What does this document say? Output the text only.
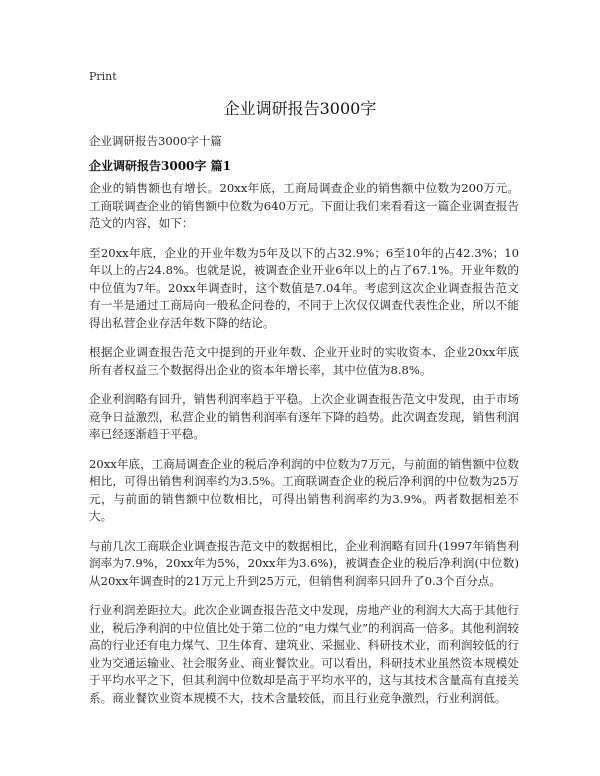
Print
企业调研报告3000字
企业调研报告3000字十篇
企业调研报告3000字 篇1

企业的销售额也有增长。20xx年底，工商局调查企业的销售额中位数为200万元。工商联调查企业的销售额中位数为640万元。下面让我们来看看这一篇企业调查报告范文的内容，如下：

至20xx年底，企业的开业年数为5年及以下的占32.9%；6至10年的占42.3%；10年以上的占24.8%。也就是说，被调查企业开业6年以上的占了67.1%。开业年数的中位值为7年。20xx年调查时，这个数值是7.04年。考虑到这次企业调查报告范文有一半是通过工商局向一般私企问卷的，不同于上次仅仅调查代表性企业，所以不能得出私营企业存活年数下降的结论。

根据企业调查报告范文中提到的开业年数、企业开业时的实收资本、企业20xx年底所有者权益三个数据得出企业的资本年增长率，其中位值为8.8%。

企业利润略有回升，销售利润率趋于平稳。上次企业调查报告范文中发现，由于市场竞争日益激烈，私营企业的销售利润率有逐年下降的趋势。此次调查发现，销售利润率已经逐渐趋于平稳。

20xx年底，工商局调查企业的税后净利润的中位数为7万元，与前面的销售额中位数相比，可得出销售利润率约为3.5%。工商联调查企业的税后净利润的中位数为25万元，与前面的销售额中位数相比，可得出销售利润率约为3.9%。两者数据相差不大。

与前几次工商联企业调查报告范文中的数据相比，企业利润略有回升(1997年销售利润率为7.9%，20xx年为5%，20xx年为3.6%)，被调查企业的税后净利润(中位数)从20xx年调查时的21万元上升到25万元，但销售利润率只回升了0.3个百分点。

行业利润差距拉大。此次企业调查报告范文中发现，房地产业的利润大大高于其他行业，税后净利润的中位值比处于第二位的“电力煤气业”的利润高一倍多。其他利润较高的行业还有电力煤气、卫生体育、建筑业、采掘业、科研技术业，而利润较低的行业为交通运输业、社会服务业、商业餐饮业。可以看出，科研技术业虽然资本规模处于平均水平之下，但其利润中位数却是高于平均水平的，这与其技术含量高有直接关系。商业餐饮业资本规模不大，技术含量较低，而且行业竞争激烈，行业利润低。
